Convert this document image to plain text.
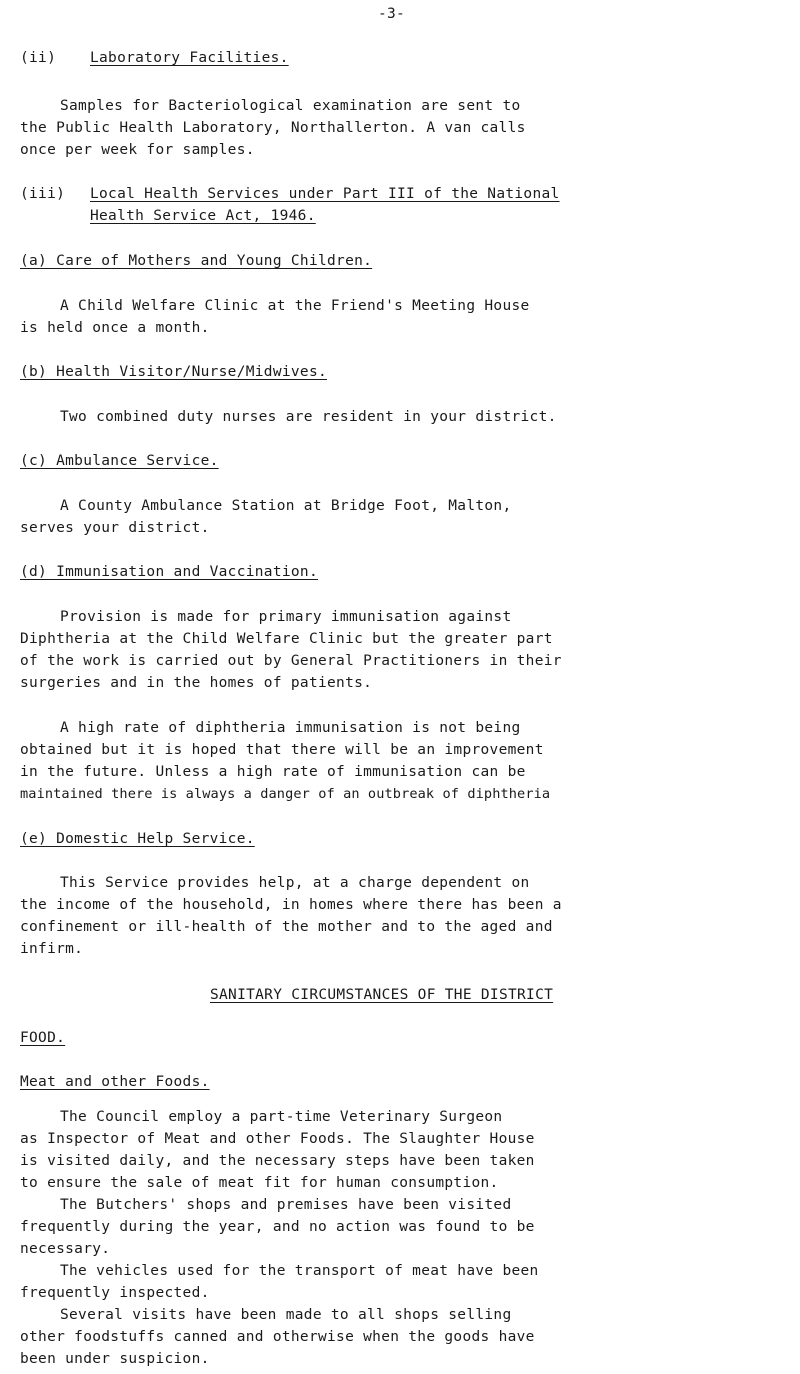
-3-
(ii) Laboratory Facilities.
Samples for Bacteriological examination are sent to
the Public Health Laboratory, Northallerton. A van calls
once per week for samples.
(iii) Local Health Services under Part III of the National
Health Service Act, 1946.
(a) Care of Mothers and Young Children.
A Child Welfare Clinic at the Friend's Meeting House
is held once a month.
(b) Health Visitor/Nurse/Midwives.
Two combined duty nurses are resident in your district.
(c) Ambulance Service.
A County Ambulance Station at Bridge Foot, Malton,
serves your district.
(d) Immunisation and Vaccination.
Provision is made for primary immunisation against
Diphtheria at the Child Welfare Clinic but the greater part
of the work is carried out by General Practitioners in their
surgeries and in the homes of patients.
A high rate of diphtheria immunisation is not being
obtained but it is hoped that there will be an improvement
in the future. Unless a high rate of immunisation can be
maintained there is always a danger of an outbreak of diphtheria
(e) Domestic Help Service.
This Service provides help, at a charge dependent on
the income of the household, in homes where there has been a
confinement or ill-health of the mother and to the aged and
infirm.
SANITARY CIRCUMSTANCES OF THE DISTRICT
FOOD.
Meat and other Foods.
The Council employ a part-time Veterinary Surgeon
as Inspector of Meat and other Foods. The Slaughter House
is visited daily, and the necessary steps have been taken
to ensure the sale of meat fit for human consumption.
The Butchers' shops and premises have been visited
frequently during the year, and no action was found to be
necessary.
The vehicles used for the transport of meat have been
frequently inspected.
Several visits have been made to all shops selling
other foodstuffs canned and otherwise when the goods have
been under suspicion.
